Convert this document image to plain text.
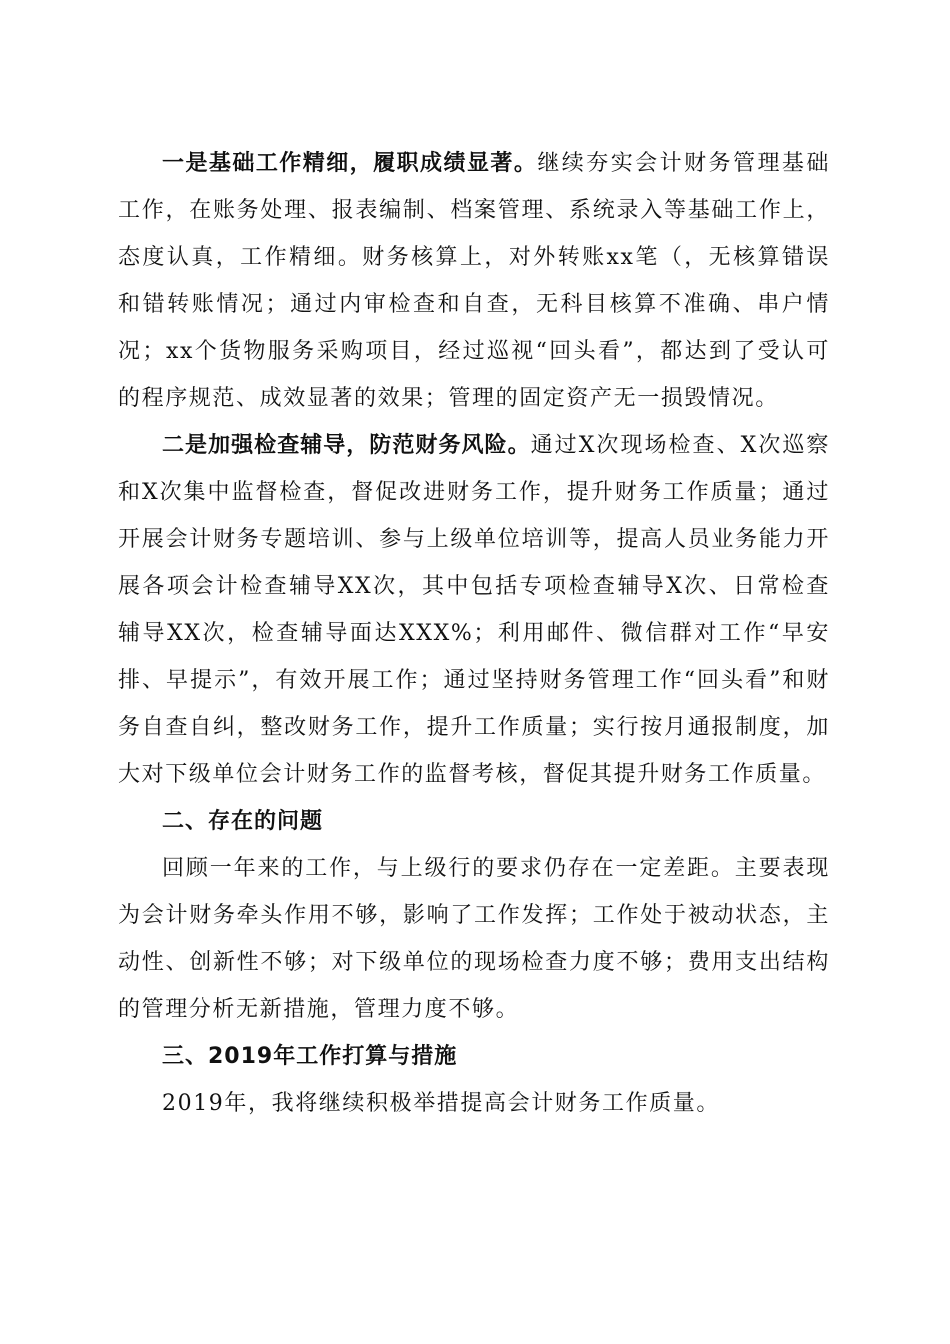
一是基础工作精细，履职成绩显著。继续夯实会计财务管理基础工作，在账务处理、报表编制、档案管理、系统录入等基础工作上，态度认真，工作精细。财务核算上，对外转账xx笔（，无核算错误和错转账情况；通过内审检查和自查，无科目核算不准确、串户情况；xx个货物服务采购项目，经过巡视“回头看”，都达到了受认可的程序规范、成效显著的效果；管理的固定资产无一损毁情况。

二是加强检查辅导，防范财务风险。通过X次现场检查、X次巡察和X次集中监督检查，督促改进财务工作，提升财务工作质量；通过开展会计财务专题培训、参与上级单位培训等，提高人员业务能力开展各项会计检查辅导XX次，其中包括专项检查辅导X次、日常检查辅导XX次，检查辅导面达XXX%；利用邮件、微信群对工作“早安排、早提示”，有效开展工作；通过坚持财务管理工作“回头看”和财务自查自纠，整改财务工作，提升工作质量；实行按月通报制度，加大对下级单位会计财务工作的监督考核，督促其提升财务工作质量。

二、存在的问题

回顾一年来的工作，与上级行的要求仍存在一定差距。主要表现为会计财务牵头作用不够，影响了工作发挥；工作处于被动状态，主动性、创新性不够；对下级单位的现场检查力度不够；费用支出结构的管理分析无新措施，管理力度不够。

三、2019年工作打算与措施

2019年，我将继续积极举措提高会计财务工作质量。
